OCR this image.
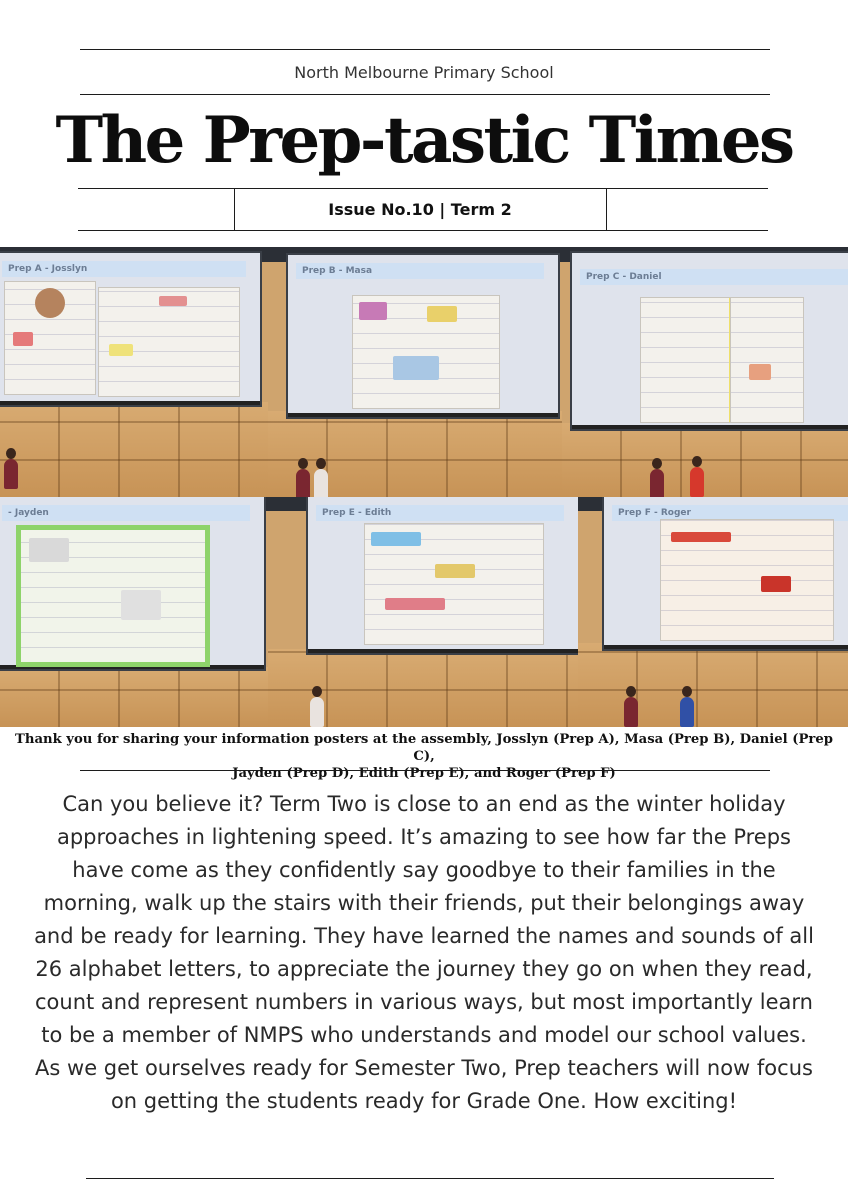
North Melbourne Primary School
The Prep-tastic Times
Issue No.10 | Term 2
Prep A - Josslyn	Prep B - Masa
Prep C - Daniel
- Jayden	Prep E - Edith	Prep F - Roger
Thank you for sharing your information posters at the assembly, Josslyn (Prep A), Masa (Prep B), Daniel (Prep C),
Jayden (Prep D), Edith (Prep E), and Roger (Prep F)
Can you believe it? Term Two is close to an end as the winter holiday approaches in lightening speed. It’s amazing to see how far the Preps have come as they confidently say goodbye to their families in the morning, walk up the stairs with their friends, put their belongings away and be ready for learning. They have learned the names and sounds of all 26 alphabet letters, to appreciate the journey they go on when they read, count and represent numbers in various ways, but most importantly learn to be a member of NMPS who understands and model our school values. As we get ourselves ready for Semester Two, Prep teachers will now focus on getting the students ready for Grade One. How exciting!
